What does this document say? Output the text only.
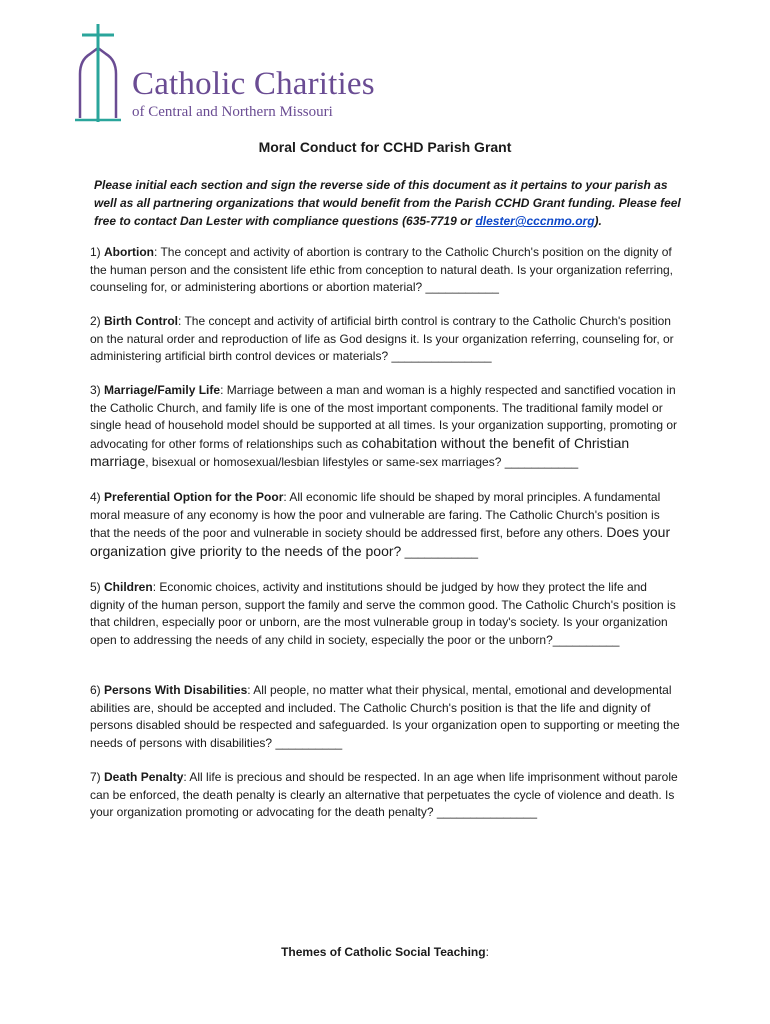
Catholic Charities
of Central and Northern Missouri
Moral Conduct for CCHD Parish Grant
Please initial each section and sign the reverse side of this document as it pertains to your parish as well as all partnering organizations that would benefit from the Parish CCHD Grant funding. Please feel free to contact Dan Lester with compliance questions (635-7719 or dlester@cccnmo.org).
1) Abortion: The concept and activity of abortion is contrary to the Catholic Church's position on the dignity of the human person and the consistent life ethic from conception to natural death. Is your organization referring, counseling for, or administering abortions or abortion material? ___________
2) Birth Control: The concept and activity of artificial birth control is contrary to the Catholic Church's position on the natural order and reproduction of life as God designs it. Is your organization referring, counseling for, or administering artificial birth control devices or materials? _______________
3) Marriage/Family Life: Marriage between a man and woman is a highly respected and sanctified vocation in the Catholic Church, and family life is one of the most important components. The traditional family model or single head of household model should be supported at all times. Is your organization supporting, promoting or advocating for other forms of relationships such as cohabitation without the benefit of Christian marriage, bisexual or homosexual/lesbian lifestyles or same-sex marriages? ___________
4) Preferential Option for the Poor: All economic life should be shaped by moral principles. A fundamental moral measure of any economy is how the poor and vulnerable are faring. The Catholic Church's position is that the needs of the poor and vulnerable in society should be addressed first, before any others. Does your organization give priority to the needs of the poor? ___________
5) Children: Economic choices, activity and institutions should be judged by how they protect the life and dignity of the human person, support the family and serve the common good. The Catholic Church's position is that children, especially poor or unborn, are the most vulnerable group in today's society. Is your organization open to addressing the needs of any child in society, especially the poor or the unborn?__________
6) Persons With Disabilities: All people, no matter what their physical, mental, emotional and developmental abilities are, should be accepted and included. The Catholic Church's position is that the life and dignity of persons disabled should be respected and safeguarded. Is your organization open to supporting or meeting the needs of persons with disabilities? __________
7) Death Penalty: All life is precious and should be respected. In an age when life imprisonment without parole can be enforced, the death penalty is clearly an alternative that perpetuates the cycle of violence and death. Is your organization promoting or advocating for the death penalty? _______________
Themes of Catholic Social Teaching:
